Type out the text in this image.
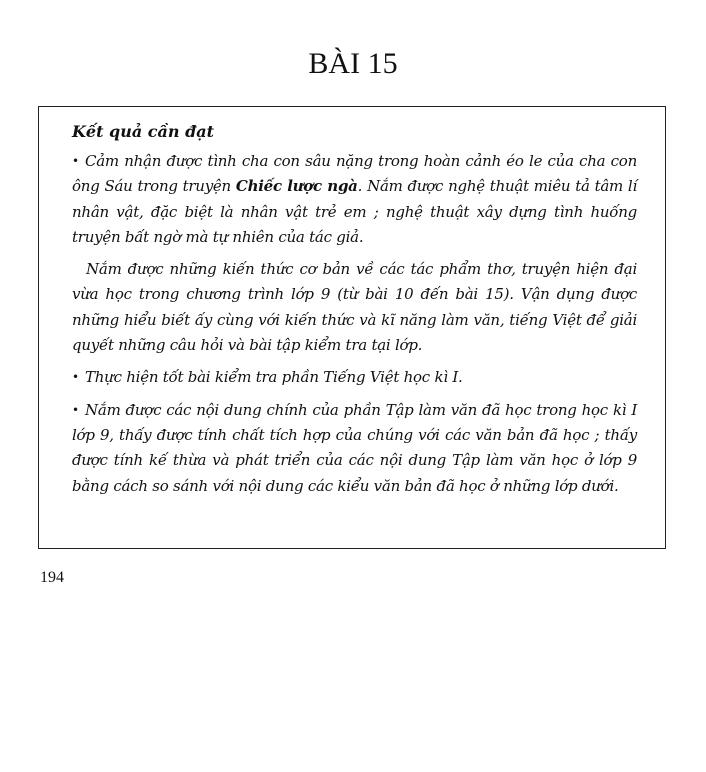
BÀI 15
Kết quả cần đạt

• Cảm nhận được tình cha con sâu nặng trong hoàn cảnh éo le của cha con ông Sáu trong truyện Chiếc lược ngà. Nắm được nghệ thuật miêu tả tâm lí nhân vật, đặc biệt là nhân vật trẻ em ; nghệ thuật xây dựng tình huống truyện bất ngờ mà tự nhiên của tác giả.

Nắm được những kiến thức cơ bản về các tác phẩm thơ, truyện hiện đại vừa học trong chương trình lớp 9 (từ bài 10 đến bài 15). Vận dụng được những hiểu biết ấy cùng với kiến thức và kĩ năng làm văn, tiếng Việt để giải quyết những câu hỏi và bài tập kiểm tra tại lớp.

• Thực hiện tốt bài kiểm tra phần Tiếng Việt học kì I.

• Nắm được các nội dung chính của phần Tập làm văn đã học trong học kì I lớp 9, thấy được tính chất tích hợp của chúng với các văn bản đã học ; thấy được tính kế thừa và phát triển của các nội dung Tập làm văn học ở lớp 9 bằng cách so sánh với nội dung các kiểu văn bản đã học ở những lớp dưới.

194
